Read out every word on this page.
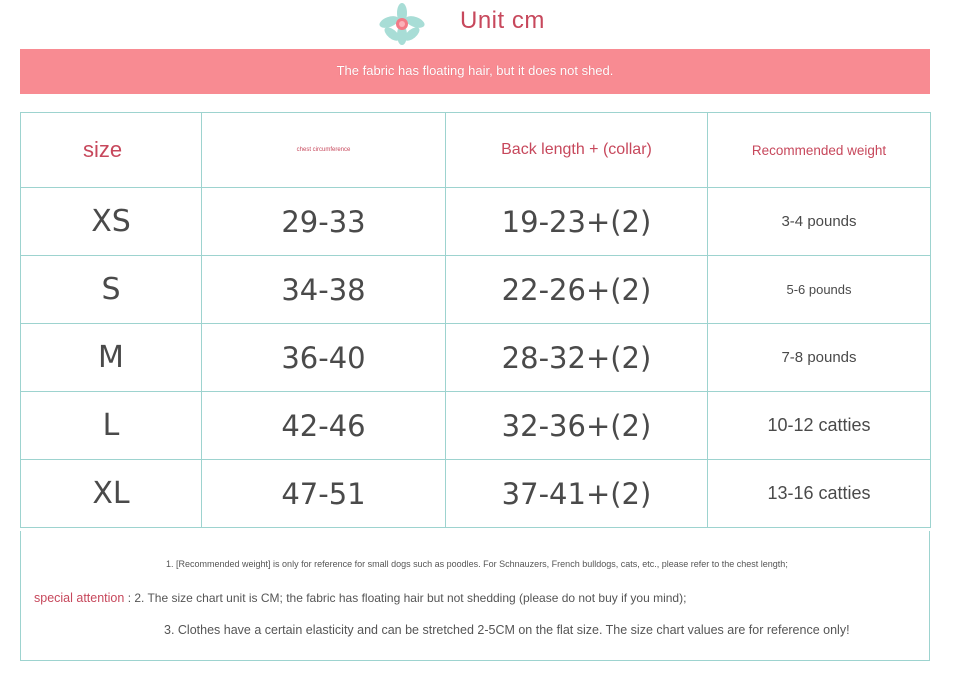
Unit cm
The fabric has floating hair, but it does not shed.
size	chest circumference	Back length + (collar)	Recommended weight
XS	29-33	19-23+(2)	3-4 pounds
S	34-38	22-26+(2)	5-6 pounds
M	36-40	28-32+(2)	7-8 pounds
L	42-46	32-36+(2)	10-12 catties
XL	47-51	37-41+(2)	13-16 catties
1. [Recommended weight] is only for reference for small dogs such as poodles. For Schnauzers, French bulldogs, cats, etc., please refer to the chest length;
special attention : 2. The size chart unit is CM; the fabric has floating hair but not shedding (please do not buy if you mind);
3. Clothes have a certain elasticity and can be stretched 2-5CM on the flat size. The size chart values are for reference only!
